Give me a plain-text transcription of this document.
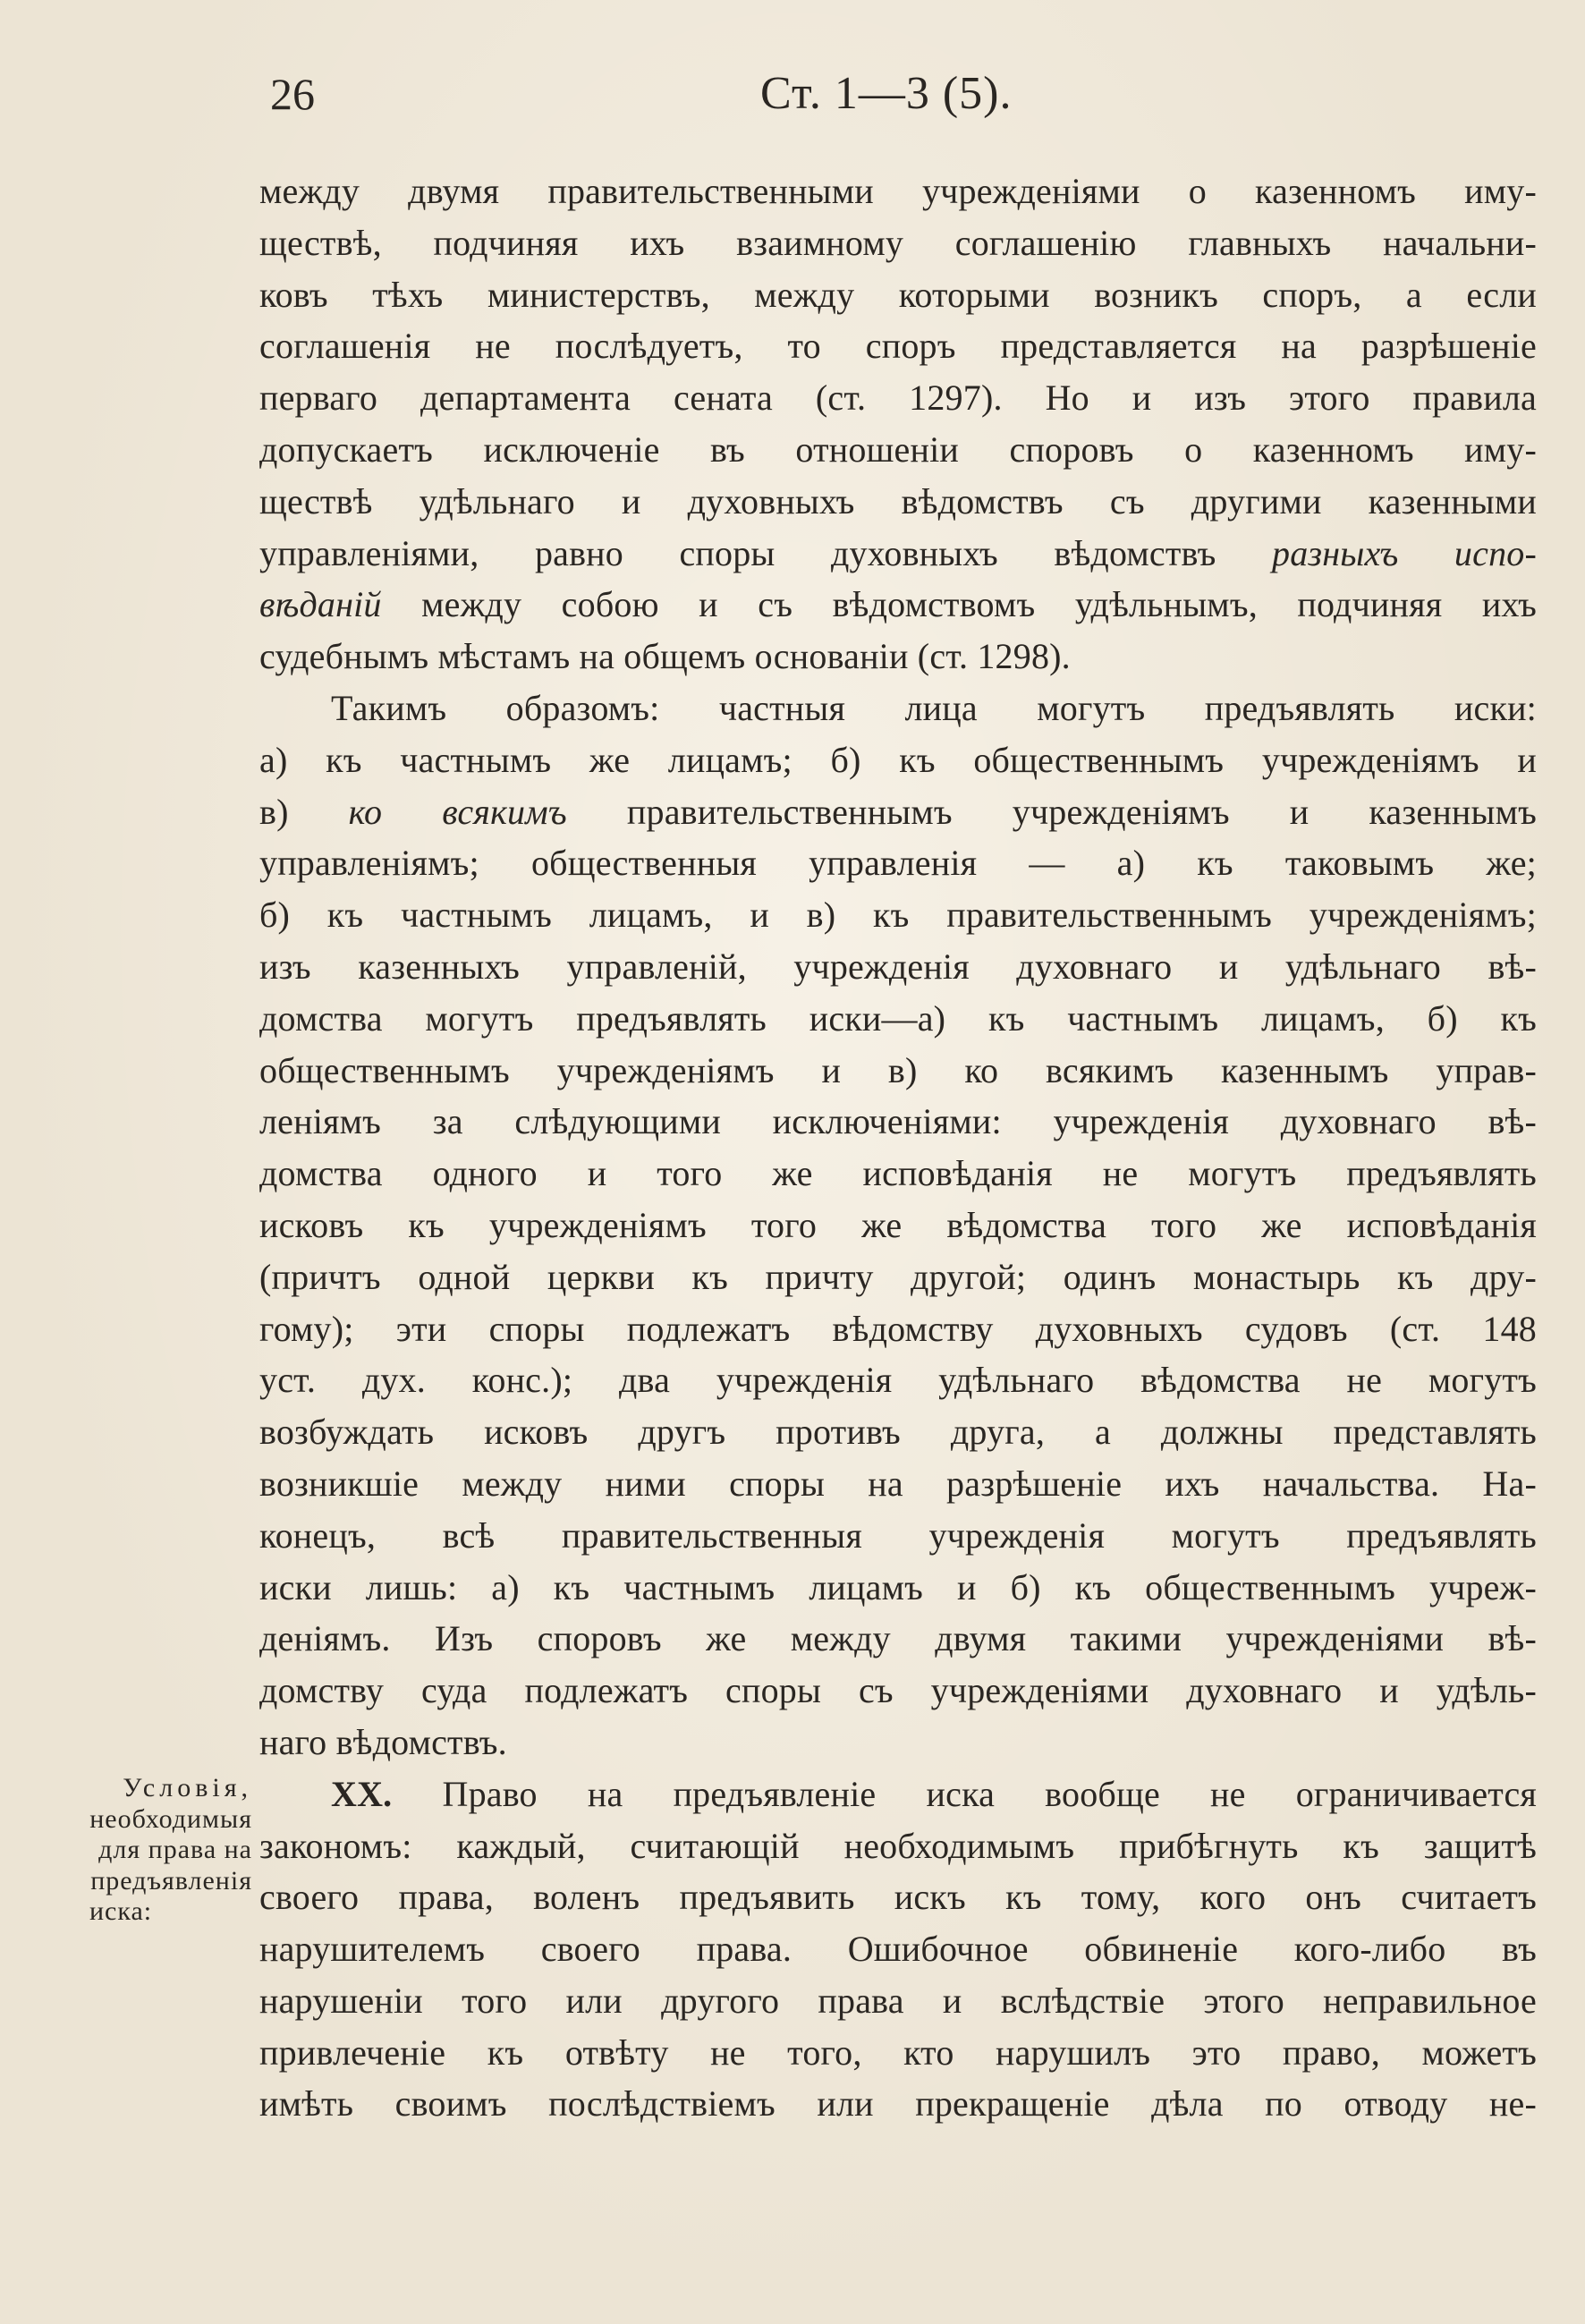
26	Ст. 1—3 (5).
между двумя правительственными учрежденіями о казенномъ иму-
ществѣ, подчиняя ихъ взаимному соглашенію главныхъ начальни-
ковъ тѣхъ министерствъ, между которыми возникъ споръ, а если
соглашенія не послѣдуетъ, то споръ представляется на разрѣшеніе
перваго департамента сената (ст. 1297). Но и изъ этого правила
допускаетъ исключеніе въ отношеніи споровъ о казенномъ иму-
ществѣ удѣльнаго и духовныхъ вѣдомствъ съ другими казенными
управленіями, равно споры духовныхъ вѣдомствъ разныхъ испо-
вѣданій между собою и съ вѣдомствомъ удѣльнымъ, подчиняя ихъ
судебнымъ мѣстамъ на общемъ основаніи (ст. 1298).
Такимъ образомъ: частныя лица могутъ предъявлять иски:
а) къ частнымъ же лицамъ; б) къ общественнымъ учрежденіямъ и
в) ко всякимъ правительственнымъ учрежденіямъ и казеннымъ
управленіямъ; общественныя управленія — а) къ таковымъ же;
б) къ частнымъ лицамъ, и в) къ правительственнымъ учрежденіямъ;
изъ казенныхъ управленій, учрежденія духовнаго и удѣльнаго вѣ-
домства могутъ предъявлять иски—а) къ частнымъ лицамъ, б) къ
общественнымъ учрежденіямъ и в) ко всякимъ казеннымъ управ-
леніямъ за слѣдующими исключеніями: учрежденія духовнаго вѣ-
домства одного и того же исповѣданія не могутъ предъявлять
исковъ къ учрежденіямъ того же вѣдомства того же исповѣданія
(причтъ одной церкви къ причту другой; одинъ монастырь къ дру-
гому); эти споры подлежатъ вѣдомству духовныхъ судовъ (ст. 148
уст. дух. конс.); два учрежденія удѣльнаго вѣдомства не могутъ
возбуждать исковъ другъ противъ друга, а должны представлять
возникшіе между ними споры на разрѣшеніе ихъ начальства. На-
конецъ, всѣ правительственныя учрежденія могутъ предъявлять
иски лишь: а) къ частнымъ лицамъ и б) къ общественнымъ учреж-
деніямъ. Изъ споровъ же между двумя такими учрежденіями вѣ-
домству суда подлежатъ споры съ учрежденіями духовнаго и удѣль-
наго вѣдомствъ.
XX. Право на предъявленіе иска вообще не ограничивается
закономъ: каждый, считающій необходимымъ прибѣгнуть къ защитѣ
своего права, воленъ предъявить искъ къ тому, кого онъ считаетъ
нарушителемъ своего права. Ошибочное обвиненіе кого-либо въ
нарушеніи того или другого права и вслѣдствіе этого неправильное
привлеченіе къ отвѣту не того, кто нарушилъ это право, можетъ
имѣть своимъ послѣдствіемъ или прекращеніе дѣла по отводу не-
Условія,
необходимыя
для права на
предъявленія
иска:
